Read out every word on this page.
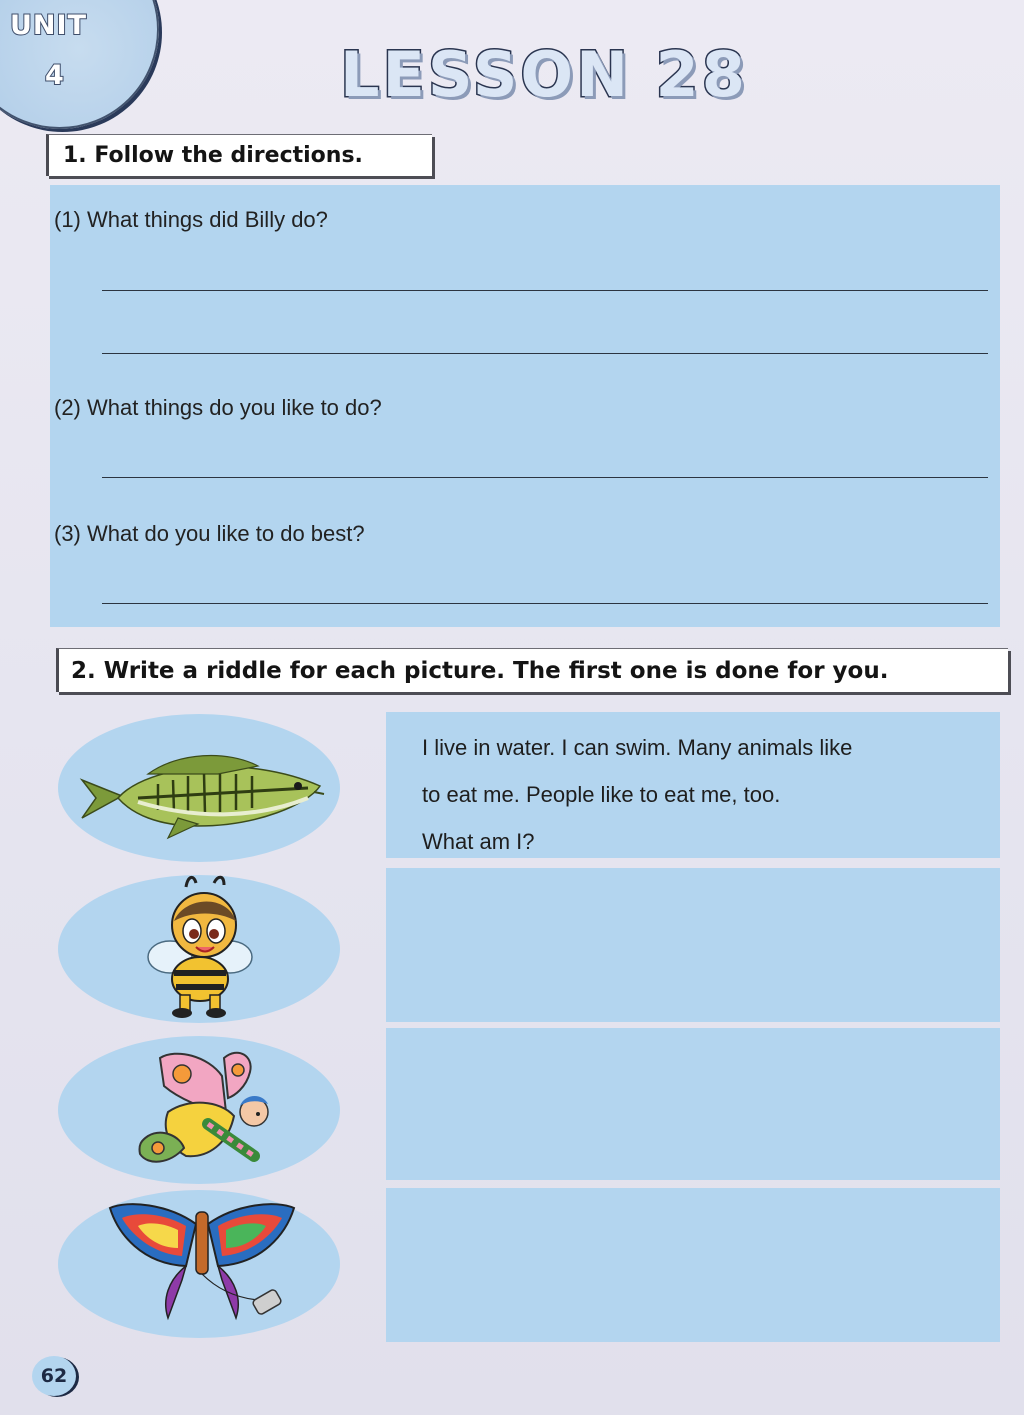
UNIT
4	LESSON 28
1. Follow the directions.
(1) What things did Billy do?
(2) What things do you like to do?
(3) What do you like to do best?
2. Write a riddle for each picture. The first one is done for you.
I live in water. I can swim. Many animals like
to eat me. People like to eat me, too.
What am I?
62
